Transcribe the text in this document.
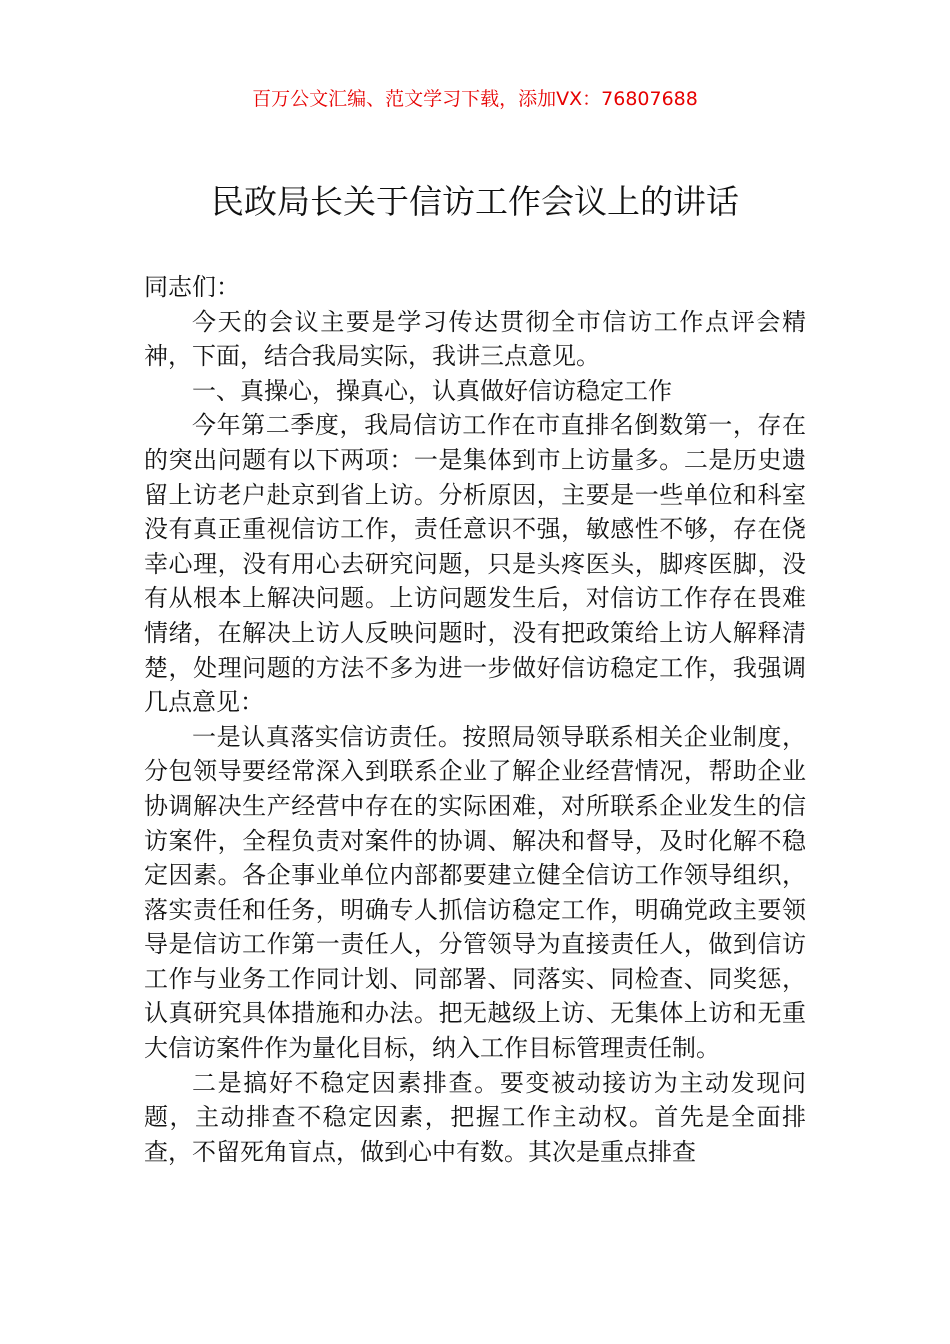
百万公文汇编、范文学习下载，添加VX：76807688
民政局长关于信访工作会议上的讲话

同志们：

今天的会议主要是学习传达贯彻全市信访工作点评会精神，下面，结合我局实际，我讲三点意见。

一、真操心，操真心，认真做好信访稳定工作

今年第二季度，我局信访工作在市直排名倒数第一，存在的突出问题有以下两项：一是集体到市上访量多。二是历史遗留上访老户赴京到省上访。分析原因，主要是一些单位和科室没有真正重视信访工作，责任意识不强，敏感性不够，存在侥幸心理，没有用心去研究问题，只是头疼医头，脚疼医脚，没有从根本上解决问题。上访问题发生后，对信访工作存在畏难情绪，在解决上访人反映问题时，没有把政策给上访人解释清楚，处理问题的方法不多为进一步做好信访稳定工作，我强调几点意见：

一是认真落实信访责任。按照局领导联系相关企业制度，分包领导要经常深入到联系企业了解企业经营情况，帮助企业协调解决生产经营中存在的实际困难，对所联系企业发生的信访案件，全程负责对案件的协调、解决和督导，及时化解不稳定因素。各企事业单位内部都要建立健全信访工作领导组织，落实责任和任务，明确专人抓信访稳定工作，明确党政主要领导是信访工作第一责任人，分管领导为直接责任人，做到信访工作与业务工作同计划、同部署、同落实、同检查、同奖惩，认真研究具体措施和办法。把无越级上访、无集体上访和无重大信访案件作为量化目标，纳入工作目标管理责任制。

二是搞好不稳定因素排查。要变被动接访为主动发现问题，主动排查不稳定因素，把握工作主动权。首先是全面排查，不留死角盲点，做到心中有数。其次是重点排查
